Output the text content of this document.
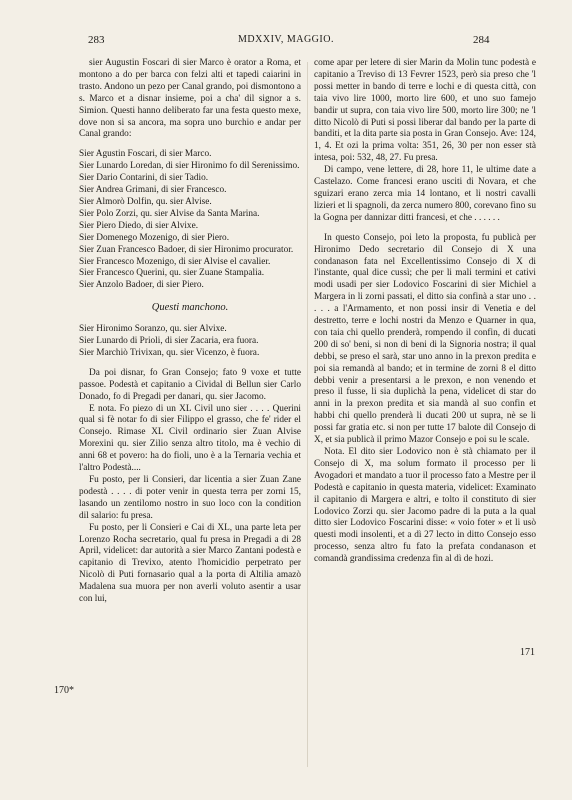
MDXXIV, MAGGIO.
283	284

sier Augustin Foscari di sier Marco è orator a Roma, et montono a do per barca con felzi alti et tapedi caiarini in trasto. Andono un pezo per Canal grando, poi dismontono a s. Marco et a disnar insieme, poi a cha' dil signor a s. Simion. Questi hanno deliberato far una festa questo mexe, dove non si sa ancora, ma sopra uno burchio e andar per Canal grando:

Sier Agustin Foscari, di sier Marco.

Sier Lunardo Loredan, di sier Hironimo fo dil Serenissimo.

Sier Dario Contarini, di sier Tadio.

Sier Andrea Grimani, di sier Francesco.

Sier Almorò Dolfin, qu. sier Alvise.

Sier Polo Zorzi, qu. sier Alvise da Santa Marina.

Sier Piero Diedo, di sier Alvixe.

Sier Domenego Mozenigo, di sier Piero.

Sier Zuan Francesco Badoer, di sier Hironimo procurator.

Sier Francesco Mozenigo, di sier Alvise el cavalier.

Sier Francesco Querini, qu. sier Zuane Stampalia.

Sier Anzolo Badoer, di sier Piero.

Questi manchono.

Sier Hironimo Soranzo, qu. sier Alvixe.

Sier Lunardo di Prioli, di sier Zacaria, era fuora.

Sier Marchiò Trivixan, qu. sier Vicenzo, è fuora.

Da poi disnar, fo Gran Consejo; fato 9 voxe et tutte passoe. Podestà et capitanio a Cividal di Bellun sier Carlo Donado, fo di Pregadi per danari, qu. sier Jacomo.

E nota. Fo piezo di un XL Civil uno sier . . . . Querini qual si fè notar fo di sier Filippo el grasso, che fe' rider el Consejo. Rimase XL Civil ordinario sier Zuan Alvise Morexini qu. sier Zilio senza altro titolo, ma è vechio di anni 68 et povero: ha do fioli, uno è a la Ternaria vechia et l'altro Podestà....

Fu posto, per li Consieri, dar licentia a sier Zuan Zane podestà . . . . di poter venir in questa terra per zorni 15, lasando un zentilomo nostro in suo loco con la condition dil salario: fu presa.

Fu posto, per li Consieri e Cai di XL, una parte leta per Lorenzo Rocha secretario, qual fu presa in Pregadi a di 28 April, videlicet: dar autorità a sier Marco Zantani podestà e capitanio di Trevixo, atento l'homicidio perpetrato per Nicolò di Puti fornasario qual a la porta di Altilia amazò Madalena sua muora per non averli voluto asentir a usar con lui,

come apar per letere di sier Marin da Molin tunc podestà e capitanio a Treviso di 13 Fevrer 1523, però sia preso che 'l possi metter in bando di terre e lochi e di questa città, con taia vivo lire 1000, morto lire 600, et uno suo famejo bandir ut supra, con taia vivo lire 500, morto lire 300; ne 'l ditto Nicolò di Puti si possi liberar dal bando per la parte di banditi, et la dita parte sia posta in Gran Consejo. Ave: 124, 1, 4. Et ozi la prima volta: 351, 26, 30 per non esser stà intesa, poi: 532, 48, 27. Fu presa.

Di campo, vene lettere, di 28, hore 11, le ultime date a Castelazo. Come francesi erano usciti di Novara, et che sguizari erano zerca mia 14 lontano, et li nostri cavalli lizieri et li spagnoli, da zerca numero 800, corevano fino su la Gogna per dannizar ditti francesi, et che . . . . . .

In questo Consejo, poi leto la proposta, fu publicà per Hironimo Dedo secretario dil Consejo di X una condanason fata nel Excellentissimo Consejo di X di l'instante, qual dice cussì; che per li mali termini et cativi modi usadi per sier Lodovico Foscarini di sier Michiel a Margera in li zorni passati, el ditto sia confinà a star uno . . . . . a l'Armamento, et non possi insir di Venetia e del destretto, terre e lochi nostri da Menzo e Quarner in qua, con taia chi quello prenderà, rompendo il confin, di ducati 200 di so' beni, si non di beni di la Signoria nostra; il qual debbi, se preso el sarà, star uno anno in la prexon predita e poi sia remandà al bando; et in termine de zorni 8 el ditto debbi venir a presentarsi a le prexon, e non venendo et preso il fusse, li sia duplichà la pena, videlicet di star do anni in la prexon predita et sia mandà al suo confin et habbi chi quello prenderà li ducati 200 ut supra, nè se li possi far gratia etc. si non per tutte 17 balote dil Consejo di X, et sia publicà il primo Mazor Consejo e poi su le scale.

Nota. El dito sier Lodovico non è stà chiamato per il Consejo di X, ma solum formato il processo per li Avogadori et mandato a tuor il processo fato a Mestre per il Podestà e capitanio in questa materia, videlicet: Examinato il capitanio di Margera e altri, e tolto il constituto di sier Lodovico Zorzi qu. sier Jacomo padre di la puta a la qual ditto sier Lodovico Foscarini disse: « voio foter » et li usò questi modi insolenti, et a dì 27 lecto in ditto Consejo esso processo, senza altro fu fato la prefata condanason et comandà grandissima credenza fin al dì de hozi.

170*
171
